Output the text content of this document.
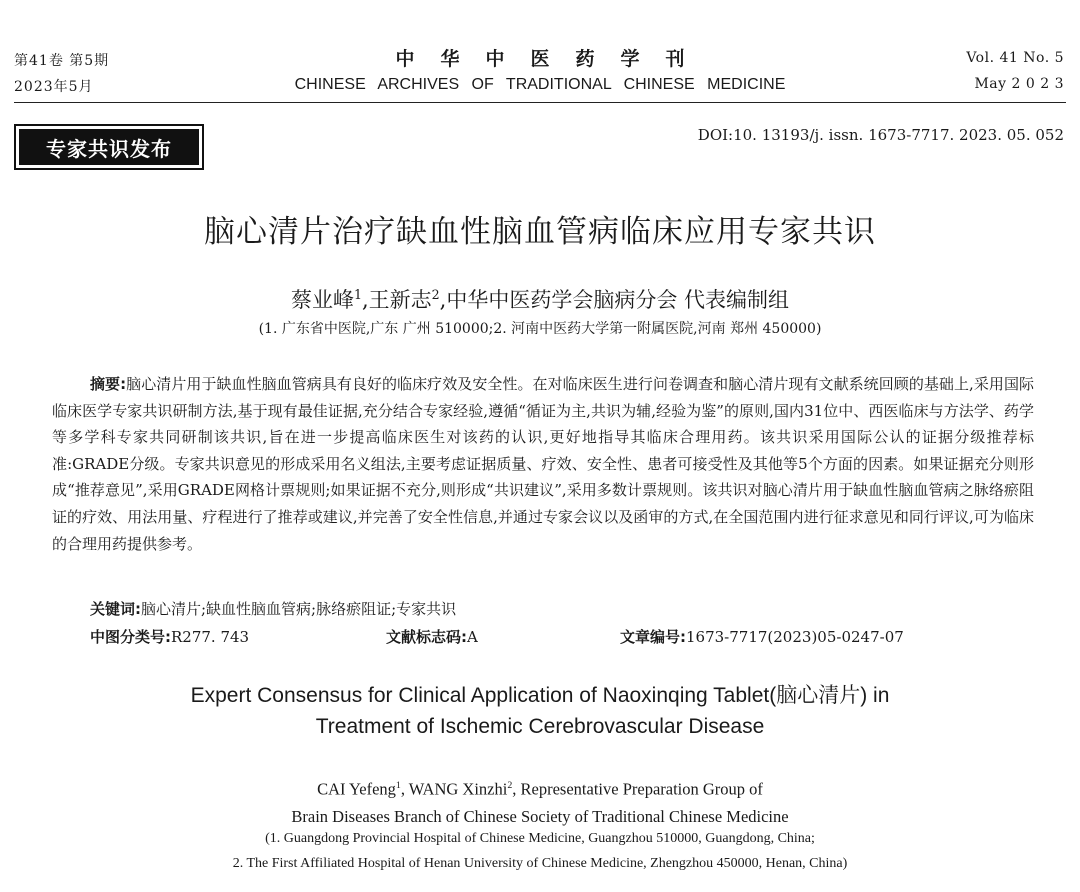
第41卷 第5期
2023年5月
中华中医药学刊
CHINESE ARCHIVES OF TRADITIONAL CHINESE MEDICINE
Vol. 41 No. 5
May 2 0 2 3
专家共识发布
DOI:10. 13193/j. issn. 1673-7717. 2023. 05. 052
脑心清片治疗缺血性脑血管病临床应用专家共识
蔡业峰$^1$,王新志$^2$,中华中医药学会脑病分会 代表编制组
(1. 广东省中医院,广东 广州 510000;2. 河南中医药大学第一附属医院,河南 郑州 450000)
摘要:脑心清片用于缺血性脑血管病具有良好的临床疗效及安全性。在对临床医生进行问卷调查和脑心清片现有文献系统回顾的基础上,采用国际临床医学专家共识研制方法,基于现有最佳证据,充分结合专家经验,遵循“循证为主,共识为辅,经验为鉴”的原则,国内31位中、西医临床与方法学、药学等多学科专家共同研制该共识,旨在进一步提高临床医生对该药的认识,更好地指导其临床合理用药。该共识采用国际公认的证据分级推荐标准:GRADE分级。专家共识意见的形成采用名义组法,主要考虑证据质量、疗效、安全性、患者可接受性及其他等5个方面的因素。如果证据充分则形成“推荐意见”,采用GRADE网格计票规则;如果证据不充分,则形成“共识建议”,采用多数计票规则。该共识对脑心清片用于缺血性脑血管病之脉络瘀阻证的疗效、用法用量、疗程进行了推荐或建议,并完善了安全性信息,并通过专家会议以及函审的方式,在全国范围内进行征求意见和同行评议,可为临床的合理用药提供参考。
关键词:脑心清片;缺血性脑血管病;脉络瘀阻证;专家共识
中图分类号:R277. 743	文献标志码:A	文章编号:1673-7717(2023)05-0247-07
Expert Consensus for Clinical Application of Naoxinqing Tablet(脑心清片) in
Treatment of Ischemic Cerebrovascular Disease
CAI Yefeng$^1$, WANG Xinzhi$^2$, Representative Preparation Group of
Brain Diseases Branch of Chinese Society of Traditional Chinese Medicine
(1. Guangdong Provincial Hospital of Chinese Medicine, Guangzhou 510000, Guangdong, China;
2. The First Affiliated Hospital of Henan University of Chinese Medicine, Zhengzhou 450000, Henan, China)
